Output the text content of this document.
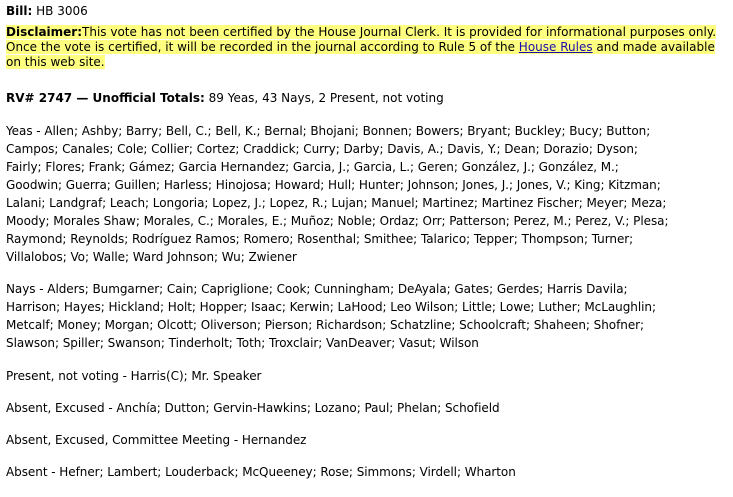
Bill: HB 3006
Disclaimer:This vote has not been certified by the House Journal Clerk. It is provided for informational purposes only. Once the vote is certified, it will be recorded in the journal according to Rule 5 of the House Rules and made available on this web site.
RV# 2747 — Unofficial Totals: 89 Yeas, 43 Nays, 2 Present, not voting
Yeas - Allen; Ashby; Barry; Bell, C.; Bell, K.; Bernal; Bhojani; Bonnen; Bowers; Bryant; Buckley; Bucy; Button;
Campos; Canales; Cole; Collier; Cortez; Craddick; Curry; Darby; Davis, A.; Davis, Y.; Dean; Dorazio; Dyson;
Fairly; Flores; Frank; Gámez; Garcia Hernandez; Garcia, J.; Garcia, L.; Geren; González, J.; González, M.;
Goodwin; Guerra; Guillen; Harless; Hinojosa; Howard; Hull; Hunter; Johnson; Jones, J.; Jones, V.; King; Kitzman;
Lalani; Landgraf; Leach; Longoria; Lopez, J.; Lopez, R.; Lujan; Manuel; Martinez; Martinez Fischer; Meyer; Meza;
Moody; Morales Shaw; Morales, C.; Morales, E.; Muñoz; Noble; Ordaz; Orr; Patterson; Perez, M.; Perez, V.; Plesa;
Raymond; Reynolds; Rodríguez Ramos; Romero; Rosenthal; Smithee; Talarico; Tepper; Thompson; Turner;
Villalobos; Vo; Walle; Ward Johnson; Wu; Zwiener
Nays - Alders; Bumgarner; Cain; Capriglione; Cook; Cunningham; DeAyala; Gates; Gerdes; Harris Davila;
Harrison; Hayes; Hickland; Holt; Hopper; Isaac; Kerwin; LaHood; Leo Wilson; Little; Lowe; Luther; McLaughlin;
Metcalf; Money; Morgan; Olcott; Oliverson; Pierson; Richardson; Schatzline; Schoolcraft; Shaheen; Shofner;
Slawson; Spiller; Swanson; Tinderholt; Toth; Troxclair; VanDeaver; Vasut; Wilson
Present, not voting - Harris(C); Mr. Speaker
Absent, Excused - Anchía; Dutton; Gervin-Hawkins; Lozano; Paul; Phelan; Schofield
Absent, Excused, Committee Meeting - Hernandez
Absent - Hefner; Lambert; Louderback; McQueeney; Rose; Simmons; Virdell; Wharton
